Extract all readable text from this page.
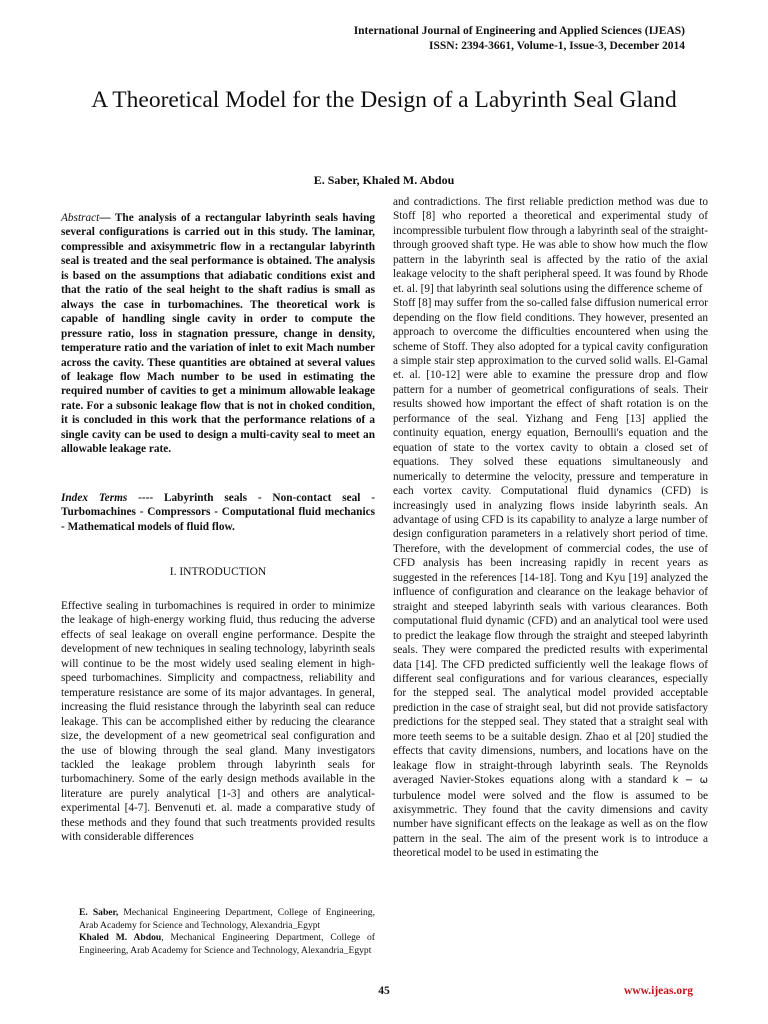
International Journal of Engineering and Applied Sciences (IJEAS)
ISSN: 2394-3661, Volume-1, Issue-3, December 2014
A Theoretical Model for the Design of a Labyrinth Seal Gland
E. Saber, Khaled M. Abdou
Abstract— The analysis of a rectangular labyrinth seals having several configurations is carried out in this study. The laminar, compressible and axisymmetric flow in a rectangular labyrinth seal is treated and the seal performance is obtained. The analysis is based on the assumptions that adiabatic conditions exist and that the ratio of the seal height to the shaft radius is small as always the case in turbomachines. The theoretical work is capable of handling single cavity in order to compute the pressure ratio, loss in stagnation pressure, change in density, temperature ratio and the variation of inlet to exit Mach number across the cavity. These quantities are obtained at several values of leakage flow Mach number to be used in estimating the required number of cavities to get a minimum allowable leakage rate. For a subsonic leakage flow that is not in choked condition, it is concluded in this work that the performance relations of a single cavity can be used to design a multi-cavity seal to meet an allowable leakage rate.
Index Terms ---- Labyrinth seals - Non-contact seal - Turbomachines - Compressors - Computational fluid mechanics - Mathematical models of fluid flow.
I. INTRODUCTION
Effective sealing in turbomachines is required in order to minimize the leakage of high-energy working fluid, thus reducing the adverse effects of seal leakage on overall engine performance. Despite the development of new techniques in sealing technology, labyrinth seals will continue to be the most widely used sealing element in high-speed turbomachines. Simplicity and compactness, reliability and temperature resistance are some of its major advantages. In general, increasing the fluid resistance through the labyrinth seal can reduce leakage. This can be accomplished either by reducing the clearance size, the development of a new geometrical seal configuration and the use of blowing through the seal gland. Many investigators tackled the leakage problem through labyrinth seals for turbomachinery. Some of the early design methods available in the literature are purely analytical [1-3] and others are analytical-experimental [4-7]. Benvenuti et. al. made a comparative study of these methods and they found that such treatments provided results with considerable differences
E. Saber, Mechanical Engineering Department, College of Engineering, Arab Academy for Science and Technology, Alexandria_Egypt
Khaled M. Abdou, Mechanical Engineering Department, College of Engineering, Arab Academy for Science and Technology, Alexandria_Egypt
and contradictions. The first reliable prediction method was due to Stoff [8] who reported a theoretical and experimental study of incompressible turbulent flow through a labyrinth seal of the straight-through grooved shaft type. He was able to show how much the flow pattern in the labyrinth seal is affected by the ratio of the axial leakage velocity to the shaft peripheral speed. It was found by Rhode et. al. [9] that labyrinth seal solutions using the difference scheme of
Stoff [8] may suffer from the so-called false diffusion numerical error depending on the flow field conditions. They however, presented an approach to overcome the difficulties encountered when using the scheme of Stoff. They also adopted for a typical cavity configuration a simple stair step approximation to the curved solid walls. El-Gamal et. al. [10-12] were able to examine the pressure drop and flow pattern for a number of geometrical configurations of seals. Their results showed how important the effect of shaft rotation is on the performance of the seal. Yizhang and Feng [13] applied the continuity equation, energy equation, Bernoulli's equation and the equation of state to the vortex cavity to obtain a closed set of equations. They solved these equations simultaneously and numerically to determine the velocity, pressure and temperature in each vortex cavity. Computational fluid dynamics (CFD) is increasingly used in analyzing flows inside labyrinth seals. An advantage of using CFD is its capability to analyze a large number of design configuration parameters in a relatively short period of time. Therefore, with the development of commercial codes, the use of CFD analysis has been increasing rapidly in recent years as suggested in the references [14-18]. Tong and Kyu [19] analyzed the influence of configuration and clearance on the leakage behavior of straight and steeped labyrinth seals with various clearances. Both computational fluid dynamic (CFD) and an analytical tool were used to predict the leakage flow through the straight and steeped labyrinth seals. They were compared the predicted results with experimental data [14]. The CFD predicted sufficiently well the leakage flows of different seal configurations and for various clearances, especially for the stepped seal. The analytical model provided acceptable prediction in the case of straight seal, but did not provide satisfactory predictions for the stepped seal. They stated that a straight seal with more teeth seems to be a suitable design. Zhao et al [20] studied the effects that cavity dimensions, numbers, and locations have on the leakage flow in straight-through labyrinth seals. The Reynolds averaged Navier-Stokes equations along with a standard k − ω turbulence model were solved and the flow is assumed to be axisymmetric. They found that the cavity dimensions and cavity number have significant effects on the leakage as well as on the flow pattern in the seal. The aim of the present work is to introduce a theoretical model to be used in estimating the
45	www.ijeas.org
